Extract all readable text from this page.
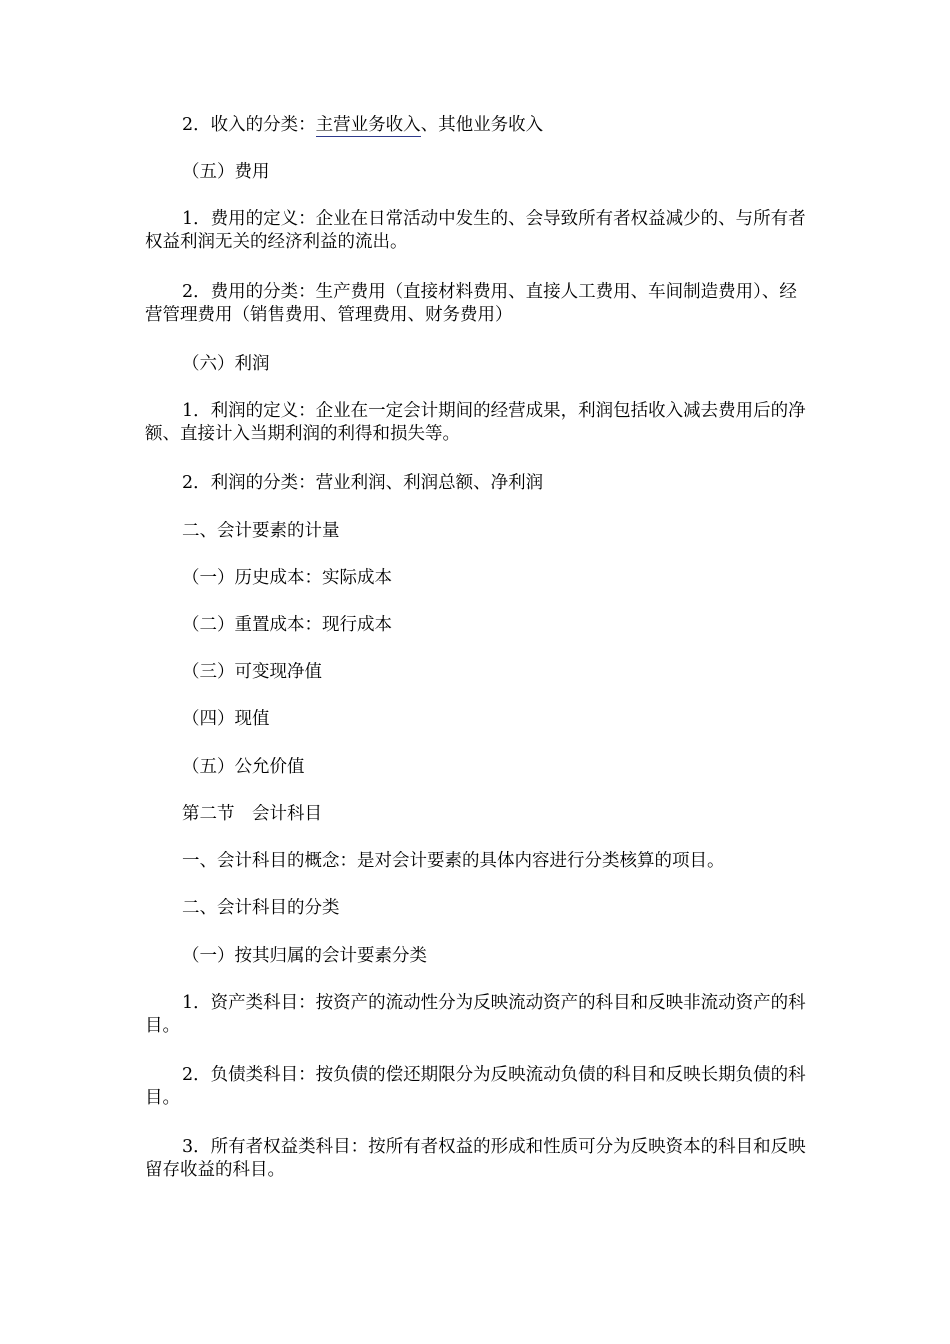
2．收入的分类：主营业务收入、其他业务收入

（五）费用

1．费用的定义：企业在日常活动中发生的、会导致所有者权益减少的、与所有者权益利润无关的经济利益的流出。

2．费用的分类：生产费用（直接材料费用、直接人工费用、车间制造费用）、经营管理费用（销售费用、管理费用、财务费用）

（六）利润

1．利润的定义：企业在一定会计期间的经营成果，利润包括收入减去费用后的净额、直接计入当期利润的利得和损失等。

2．利润的分类：营业利润、利润总额、净利润

二、会计要素的计量

（一）历史成本：实际成本

（二）重置成本：现行成本

（三）可变现净值

（四）现值

（五）公允价值

第二节　会计科目

一、会计科目的概念：是对会计要素的具体内容进行分类核算的项目。

二、会计科目的分类

（一）按其归属的会计要素分类

1．资产类科目：按资产的流动性分为反映流动资产的科目和反映非流动资产的科目。

2．负债类科目：按负债的偿还期限分为反映流动负债的科目和反映长期负债的科目。

3．所有者权益类科目：按所有者权益的形成和性质可分为反映资本的科目和反映留存收益的科目。
